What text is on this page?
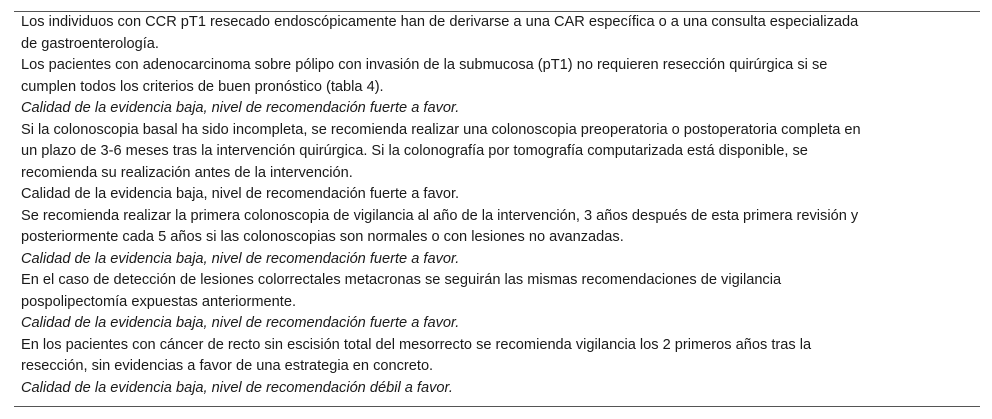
Los individuos con CCR pT1 resecado endoscópicamente han de derivarse a una CAR específica o a una consulta especializada
de gastroenterología.
Los pacientes con adenocarcinoma sobre pólipo con invasión de la submucosa (pT1) no requieren resección quirúrgica si se
cumplen todos los criterios de buen pronóstico (tabla 4).
Calidad de la evidencia baja, nivel de recomendación fuerte a favor.
Si la colonoscopia basal ha sido incompleta, se recomienda realizar una colonoscopia preoperatoria o postoperatoria completa en
un plazo de 3-6 meses tras la intervención quirúrgica. Si la colonografía por tomografía computarizada está disponible, se
recomienda su realización antes de la intervención.
Calidad de la evidencia baja, nivel de recomendación fuerte a favor.
Se recomienda realizar la primera colonoscopia de vigilancia al año de la intervención, 3 años después de esta primera revisión y
posteriormente cada 5 años si las colonoscopias son normales o con lesiones no avanzadas.
Calidad de la evidencia baja, nivel de recomendación fuerte a favor.
En el caso de detección de lesiones colorrectales metacronas se seguirán las mismas recomendaciones de vigilancia
pospolipectomía expuestas anteriormente.
Calidad de la evidencia baja, nivel de recomendación fuerte a favor.
En los pacientes con cáncer de recto sin escisión total del mesorrecto se recomienda vigilancia los 2 primeros años tras la
resección, sin evidencias a favor de una estrategia en concreto.
Calidad de la evidencia baja, nivel de recomendación débil a favor.
